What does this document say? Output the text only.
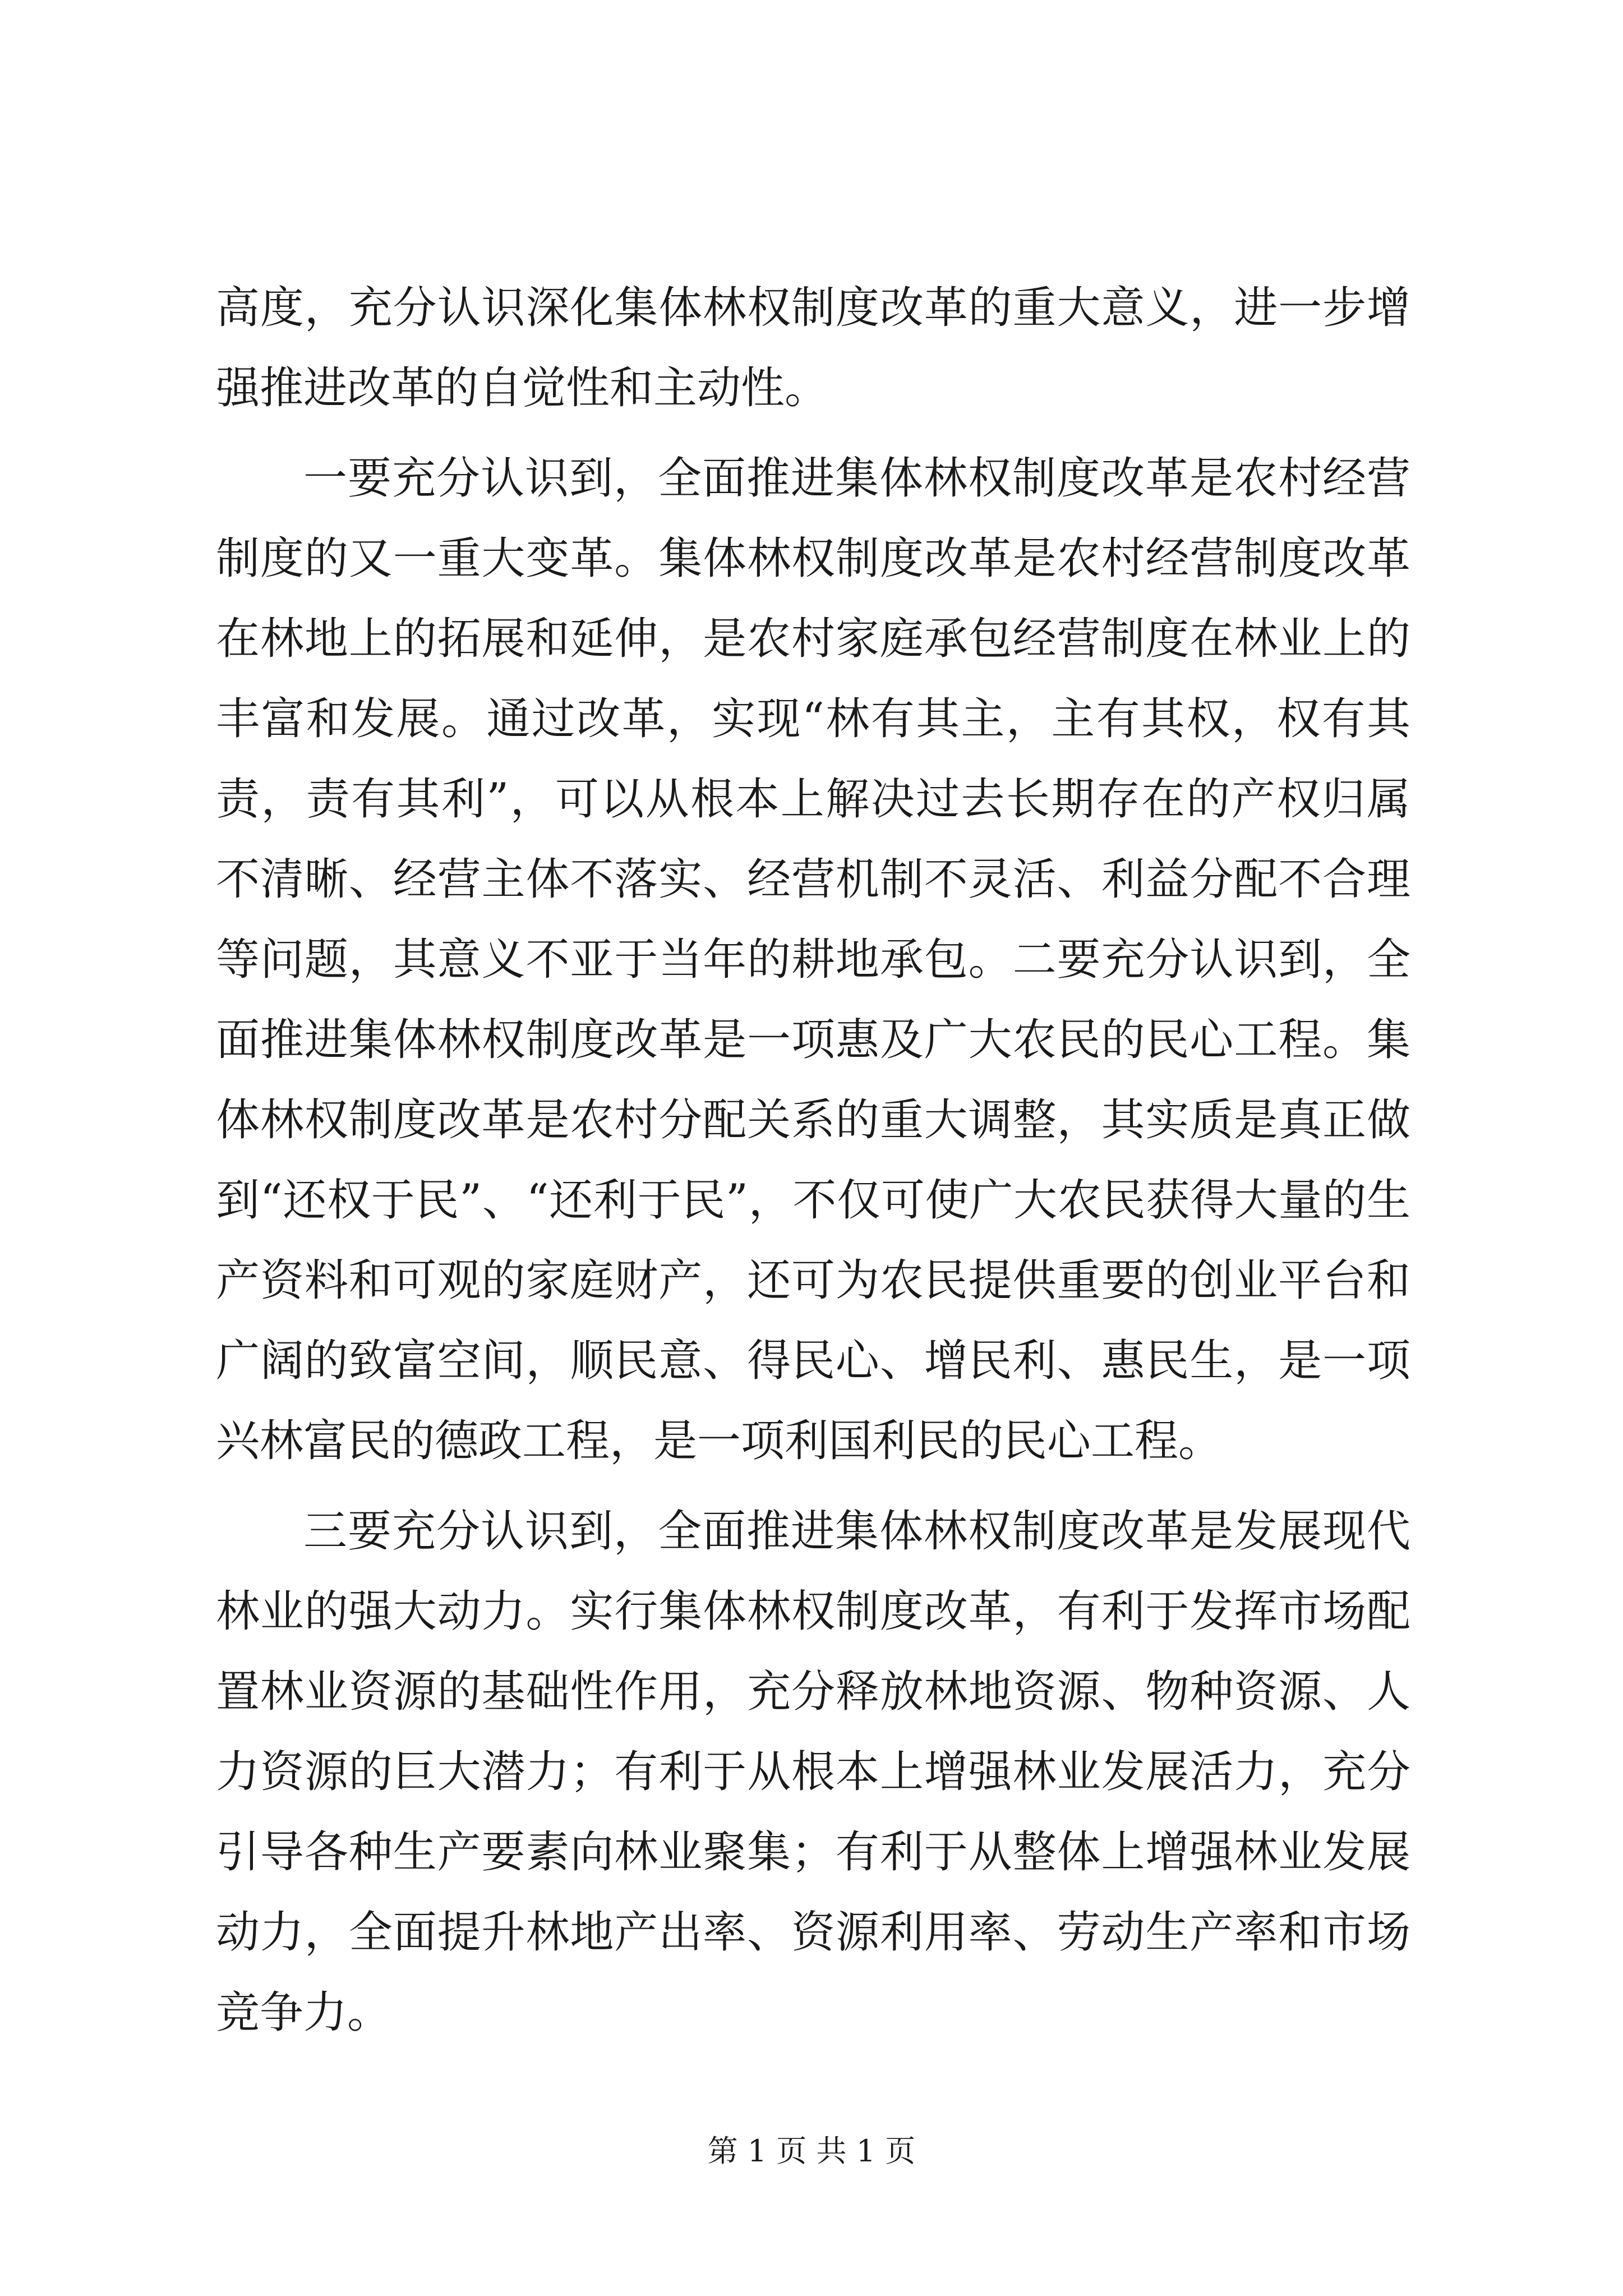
高度，充分认识深化集体林权制度改革的重大意义，进一步增强推进改革的自觉性和主动性。

一要充分认识到，全面推进集体林权制度改革是农村经营制度的又一重大变革。集体林权制度改革是农村经营制度改革在林地上的拓展和延伸，是农村家庭承包经营制度在林业上的丰富和发展。通过改革，实现“林有其主，主有其权，权有其责，责有其利”，可以从根本上解决过去长期存在的产权归属不清晰、经营主体不落实、经营机制不灵活、利益分配不合理等问题，其意义不亚于当年的耕地承包。二要充分认识到，全面推进集体林权制度改革是一项惠及广大农民的民心工程。集体林权制度改革是农村分配关系的重大调整，其实质是真正做到“还权于民”、“还利于民”，不仅可使广大农民获得大量的生产资料和可观的家庭财产，还可为农民提供重要的创业平台和广阔的致富空间，顺民意、得民心、增民利、惠民生，是一项兴林富民的德政工程，是一项利国利民的民心工程。

三要充分认识到，全面推进集体林权制度改革是发展现代林业的强大动力。实行集体林权制度改革，有利于发挥市场配置林业资源的基础性作用，充分释放林地资源、物种资源、人力资源的巨大潜力；有利于从根本上增强林业发展活力，充分引导各种生产要素向林业聚集；有利于从整体上增强林业发展动力，全面提升林地产出率、资源利用率、劳动生产率和市场竞争力。

第 1 页 共 1 页
